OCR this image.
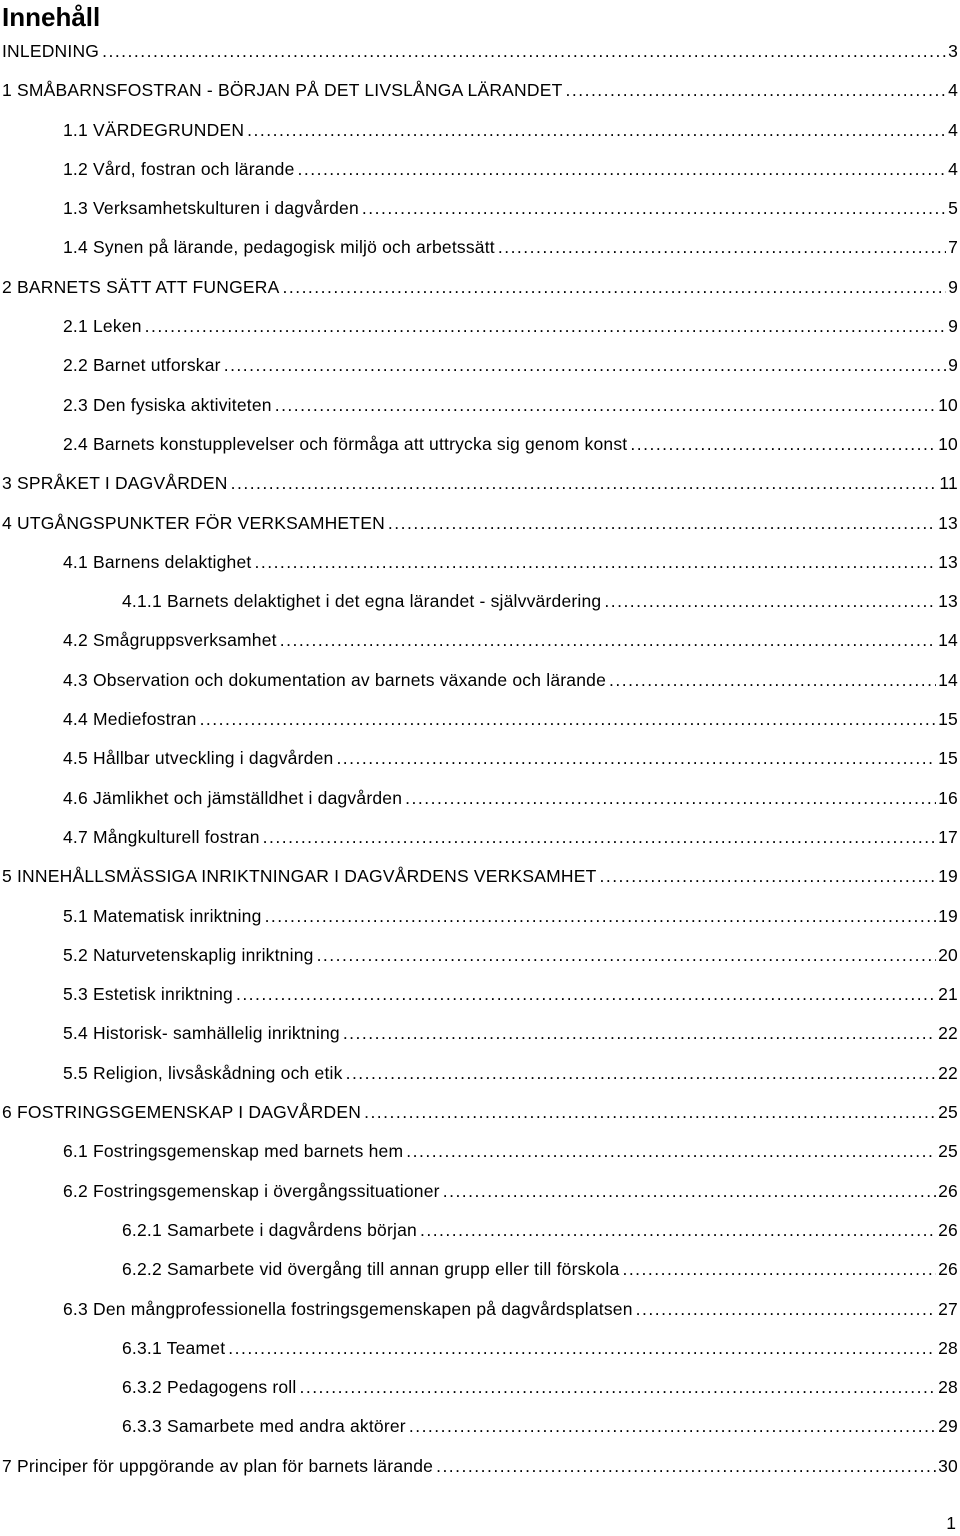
Innehåll
INLEDNING .....	3
1 SMÅBARNSFOSTRAN - BÖRJAN PÅ DET LIVSLÅNGA LÄRANDET .....	4
1.1 VÄRDEGRUNDEN .....	4
1.2 Vård, fostran och lärande .....	4
1.3 Verksamhetskulturen i dagvården .....	5
1.4 Synen på lärande, pedagogisk miljö och arbetssätt .....	7
2 BARNETS SÄTT ATT FUNGERA .....	9
2.1 Leken .....	9
2.2 Barnet utforskar .....	9
2.3 Den fysiska aktiviteten .....	10
2.4 Barnets konstupplevelser och förmåga att uttrycka sig genom konst .....	10
3 SPRÅKET I DAGVÅRDEN .....	11
4 UTGÅNGSPUNKTER FÖR VERKSAMHETEN .....	13
4.1 Barnens delaktighet .....	13
4.1.1 Barnets delaktighet i det egna lärandet - självvärdering .....	13
4.2 Smågruppsverksamhet .....	14
4.3 Observation och dokumentation av barnets växande och lärande .....	14
4.4 Mediefostran .....	15
4.5 Hållbar utveckling i dagvården .....	15
4.6 Jämlikhet och jämställdhet i dagvården .....	16
4.7 Mångkulturell fostran .....	17
5 INNEHÅLLSMÄSSIGA INRIKTNINGAR I DAGVÅRDENS VERKSAMHET .....	19
5.1 Matematisk inriktning .....	19
5.2 Naturvetenskaplig inriktning .....	20
5.3 Estetisk inriktning .....	21
5.4 Historisk- samhällelig inriktning .....	22
5.5 Religion, livsåskådning och etik .....	22
6 FOSTRINGSGEMENSKAP I DAGVÅRDEN .....	25
6.1 Fostringsgemenskap med barnets hem .....	25
6.2 Fostringsgemenskap i övergångssituationer .....	26
6.2.1 Samarbete i dagvårdens början .....	26
6.2.2 Samarbete vid övergång till annan grupp eller till förskola .....	26
6.3 Den mångprofessionella fostringsgemenskapen på dagvårdsplatsen .....	27
6.3.1 Teamet .....	28
6.3.2 Pedagogens roll .....	28
6.3.3 Samarbete med andra aktörer .....	29
7 Principer för uppgörande av plan för barnets lärande .....	30
1
